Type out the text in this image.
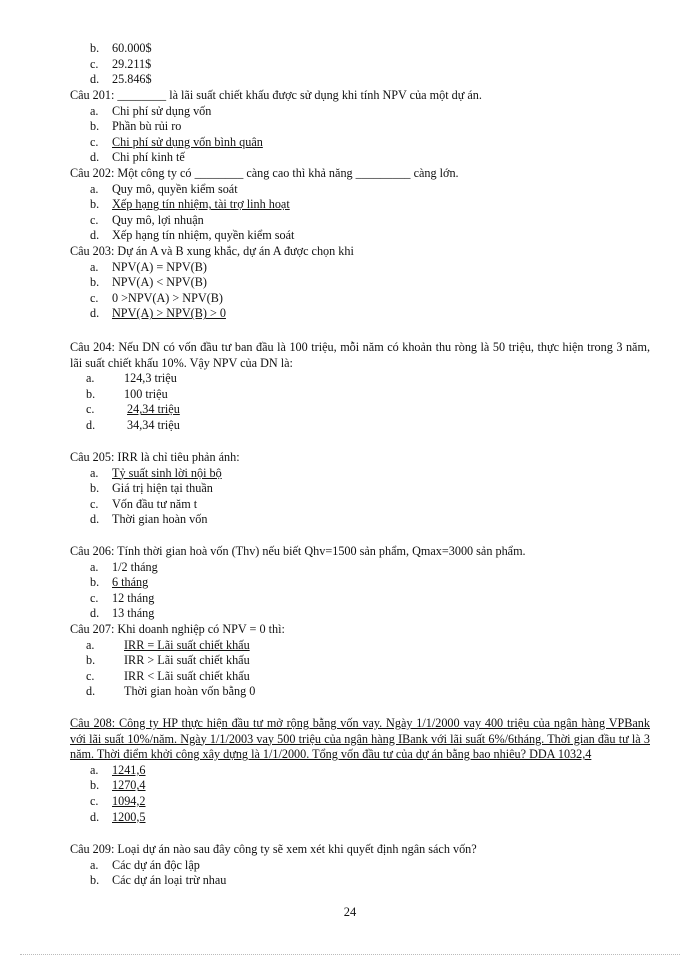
b. 60.000$
c. 29.211$
d. 25.846$
Câu 201: ________ là lãi suất chiết khấu được sử dụng khi tính NPV của một dự án.
a. Chi phí sử dụng vốn
b. Phần bù rủi ro
c. Chi phí sử dụng vốn bình quân
d. Chi phí kinh tế
Câu 202: Một công ty có ________ càng cao thì khả năng _________ càng lớn.
a. Quy mô, quyền kiểm soát
b. Xếp hạng tín nhiệm, tài trợ linh hoạt
c. Quy mô, lợi nhuận
d. Xếp hạng tín nhiệm, quyền kiểm soát
Câu 203: Dự án A và B xung khắc, dự án A được chọn khi
a. NPV(A) = NPV(B)
b. NPV(A) < NPV(B)
c. 0 >NPV(A) > NPV(B)
d. NPV(A) > NPV(B) > 0
Câu 204: Nếu DN có vốn đầu tư ban đầu là 100 triệu, mỗi năm có khoản thu ròng là 50 triệu, thực hiện trong 3 năm, lãi suất chiết khấu 10%. Vậy NPV của DN là:
a. 124,3 triệu
b. 100 triệu
c.	24,34 triệu
d.	34,34 triệu
Câu 205: IRR là chỉ tiêu phản ánh:
a. Tỷ suất sinh lời nội bộ
b. Giá trị hiện tại thuần
c. Vốn đầu tư năm t
d. Thời gian hoàn vốn
Câu 206: Tính thời gian hoà vốn (Thv) nếu biết Qhv=1500 sản phẩm, Qmax=3000 sản phẩm.
a. 1/2 tháng
b. 6 tháng
c. 12 tháng
d. 13 tháng
Câu 207: Khi doanh nghiệp có NPV = 0 thì:
a. IRR = Lãi suất chiết khấu
b. IRR > Lãi suất chiết khấu
c. IRR < Lãi suất chiết khấu
d. Thời gian hoàn vốn bằng 0
Câu 208: Công ty HP thực hiện đầu tư mở rộng bằng vốn vay. Ngày 1/1/2000 vay 400 triệu của ngân hàng VPBank với lãi suất 10%/năm. Ngày 1/1/2003 vay 500 triệu của ngân hàng IBank với lãi suất 6%/6tháng. Thời gian đầu tư là 3 năm. Thời điểm khởi công xây dựng là 1/1/2000. Tổng vốn đầu tư của dự án bằng bao nhiêu? DDA 1032,4
a. 1241,6
b. 1270,4
c. 1094,2
d. 1200,5
Câu 209: Loại dự án nào sau đây công ty sẽ xem xét khi quyết định ngân sách vốn?
a. Các dự án độc lập
b. Các dự án loại trừ nhau
24
